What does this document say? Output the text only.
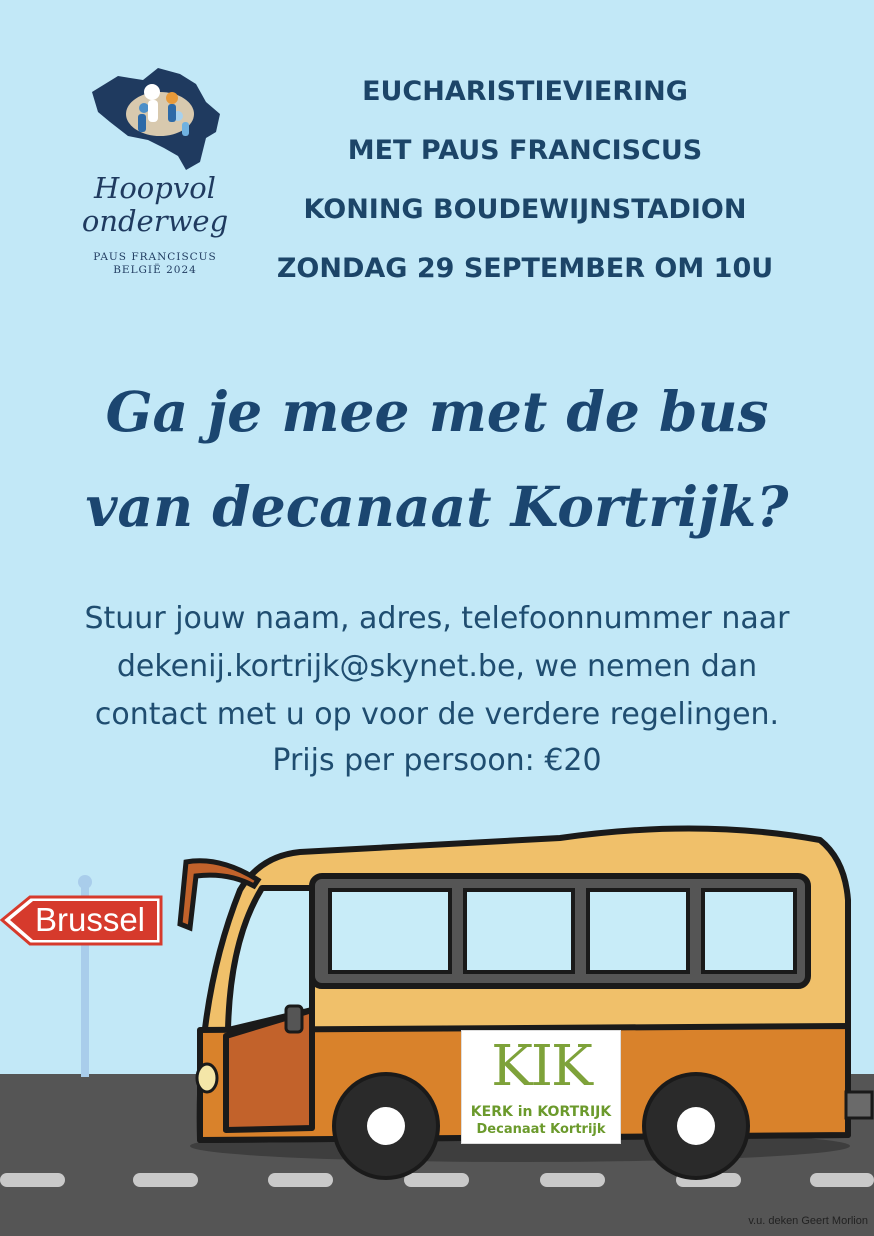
Hoopvol
onderweg
PAUS FRANCISCUS
BELGIË 2024
EUCHARISTIEVIERING
MET PAUS FRANCISCUS
KONING BOUDEWIJNSTADION
ZONDAG 29 SEPTEMBER OM 10U
Ga je mee met de bus
van decanaat Kortrijk?
Stuur jouw naam, adres, telefoonnummer naar
dekenij.kortrijk@skynet.be, we nemen dan
contact met u op voor de verdere regelingen.
Prijs per persoon: €20
Brussel
KIK
KERK in KORTRIJK
Decanaat Kortrijk
v.u. deken Geert Morlion
